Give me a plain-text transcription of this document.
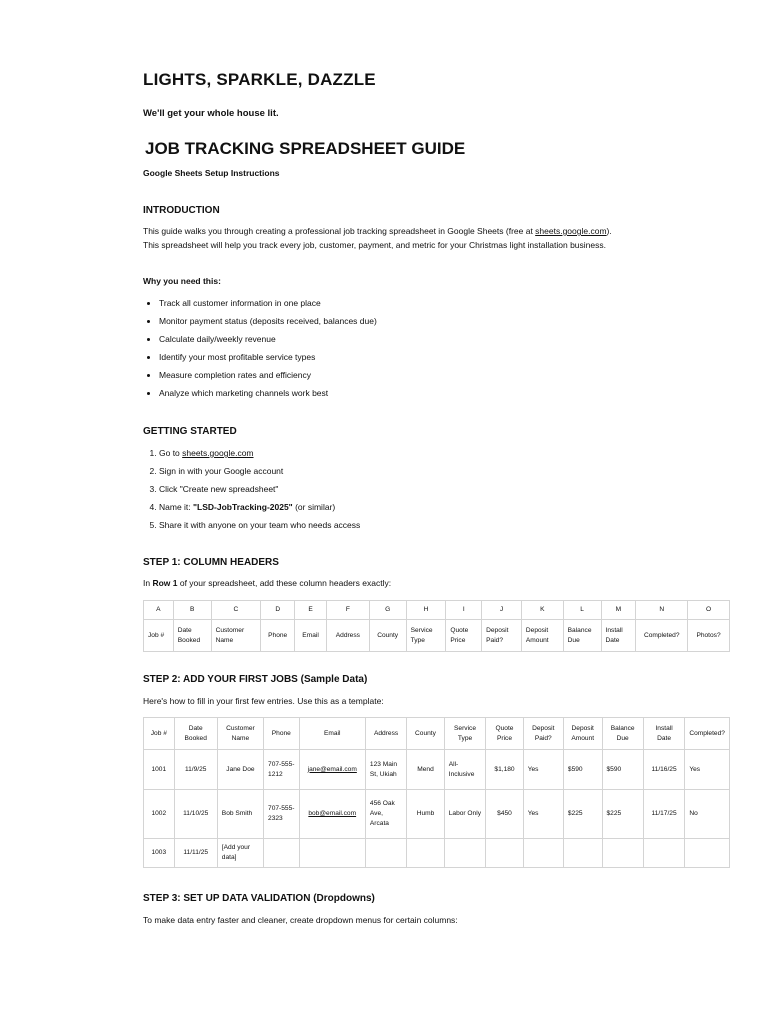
LIGHTS, SPARKLE, DAZZLE

We'll get your whole house lit.

JOB TRACKING SPREADSHEET GUIDE

Google Sheets Setup Instructions

INTRODUCTION

This guide walks you through creating a professional job tracking spreadsheet in Google Sheets (free at sheets.google.com). This spreadsheet will help you track every job, customer, payment, and metric for your Christmas light installation business.

Why you need this:

• Track all customer information in one place
• Monitor payment status (deposits received, balances due)
• Calculate daily/weekly revenue
• Identify your most profitable service types
• Measure completion rates and efficiency
• Analyze which marketing channels work best

GETTING STARTED

1. Go to sheets.google.com
2. Sign in with your Google account
3. Click "Create new spreadsheet"
4. Name it: "LSD-JobTracking-2025" (or similar)
5. Share it with anyone on your team who needs access

STEP 1: COLUMN HEADERS

In Row 1 of your spreadsheet, add these column headers exactly:

A	B	C	D	E	F	G	H	I	J	K	L	M	N	O
Job #	Date Booked	Customer Name	Phone	Email	Address	County	Service Type	Quote Price	Deposit Paid?	Deposit Amount	Balance Due	Install Date	Completed?	Photos?

STEP 2: ADD YOUR FIRST JOBS (Sample Data)

Here's how to fill in your first few entries. Use this as a template:

Job #	Date Booked	Customer Name	Phone	Email	Address	County	Service Type	Quote Price	Deposit Paid?	Deposit Amount	Balance Due	Install Date	Completed?
1001	11/9/25	Jane Doe	707-555-1212	jane@email.com	123 Main St, Ukiah	Mend	All-Inclusive	$1,180	Yes	$590	$590	11/16/25	Yes
1002	11/10/25	Bob Smith	707-555-2323	bob@email.com	456 Oak Ave, Arcata	Humb	Labor Only	$450	Yes	$225	$225	11/17/25	No
1003	11/11/25	[Add your data]											

STEP 3: SET UP DATA VALIDATION (Dropdowns)

To make data entry faster and cleaner, create dropdown menus for certain columns:
